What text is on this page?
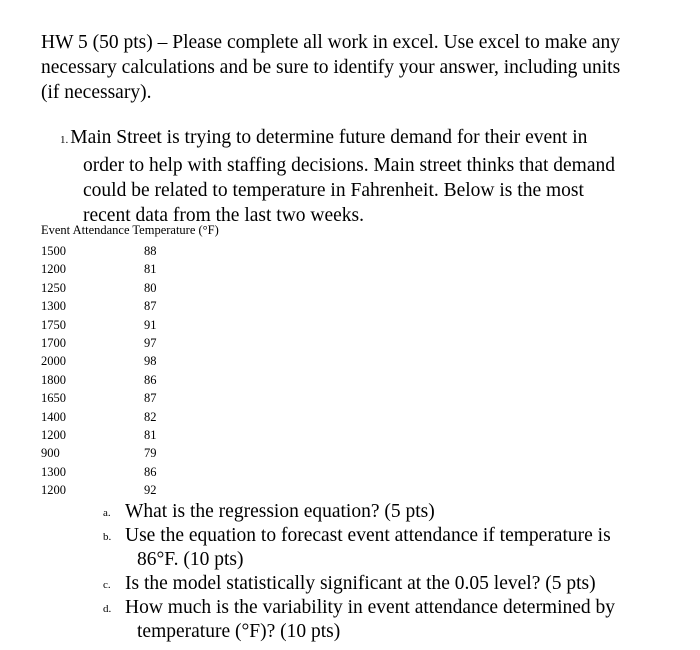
HW 5 (50 pts) – Please complete all work in excel. Use excel to make any
necessary calculations and be sure to identify your answer, including units
(if necessary).
1. Main Street is trying to determine future demand for their event in
order to help with staffing decisions. Main street thinks that demand
could be related to temperature in Fahrenheit. Below is the most
recent data from the last two weeks.
Event Attendance Temperature (°F)
1500	88
1200	81
1250	80
1300	87
1750	91
1700	97
2000	98
1800	86
1650	87
1400	82
1200	81
900	79
1300	86
1200	92
a. What is the regression equation? (5 pts)
b. Use the equation to forecast event attendance if temperature is
86°F. (10 pts)
c. Is the model statistically significant at the 0.05 level? (5 pts)
d. How much is the variability in event attendance determined by
temperature (°F)? (10 pts)
